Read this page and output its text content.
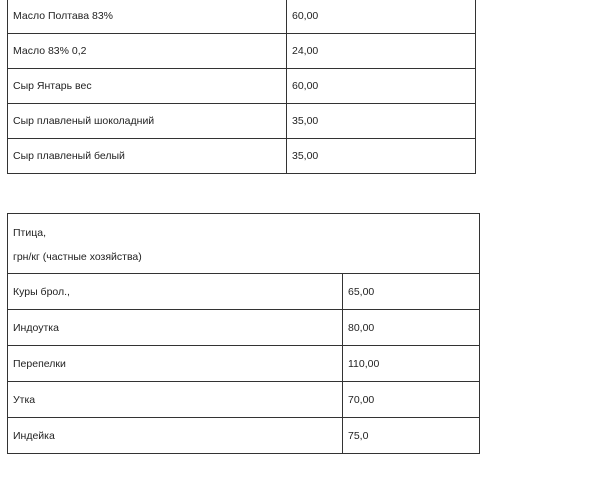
Масло Полтава 83%	60,00
Масло 83% 0,2	24,00
Сыр Янтарь вес	60,00
Сыр плавленый шоколадний	35,00
Сыр плавленый белый	35,00
Птица,
грн/кг (частные хозяйства)	

Куры брол.,	65,00
Индоутка	80,00
Перепелки	110,00
Утка	70,00
Индейка	75,0
